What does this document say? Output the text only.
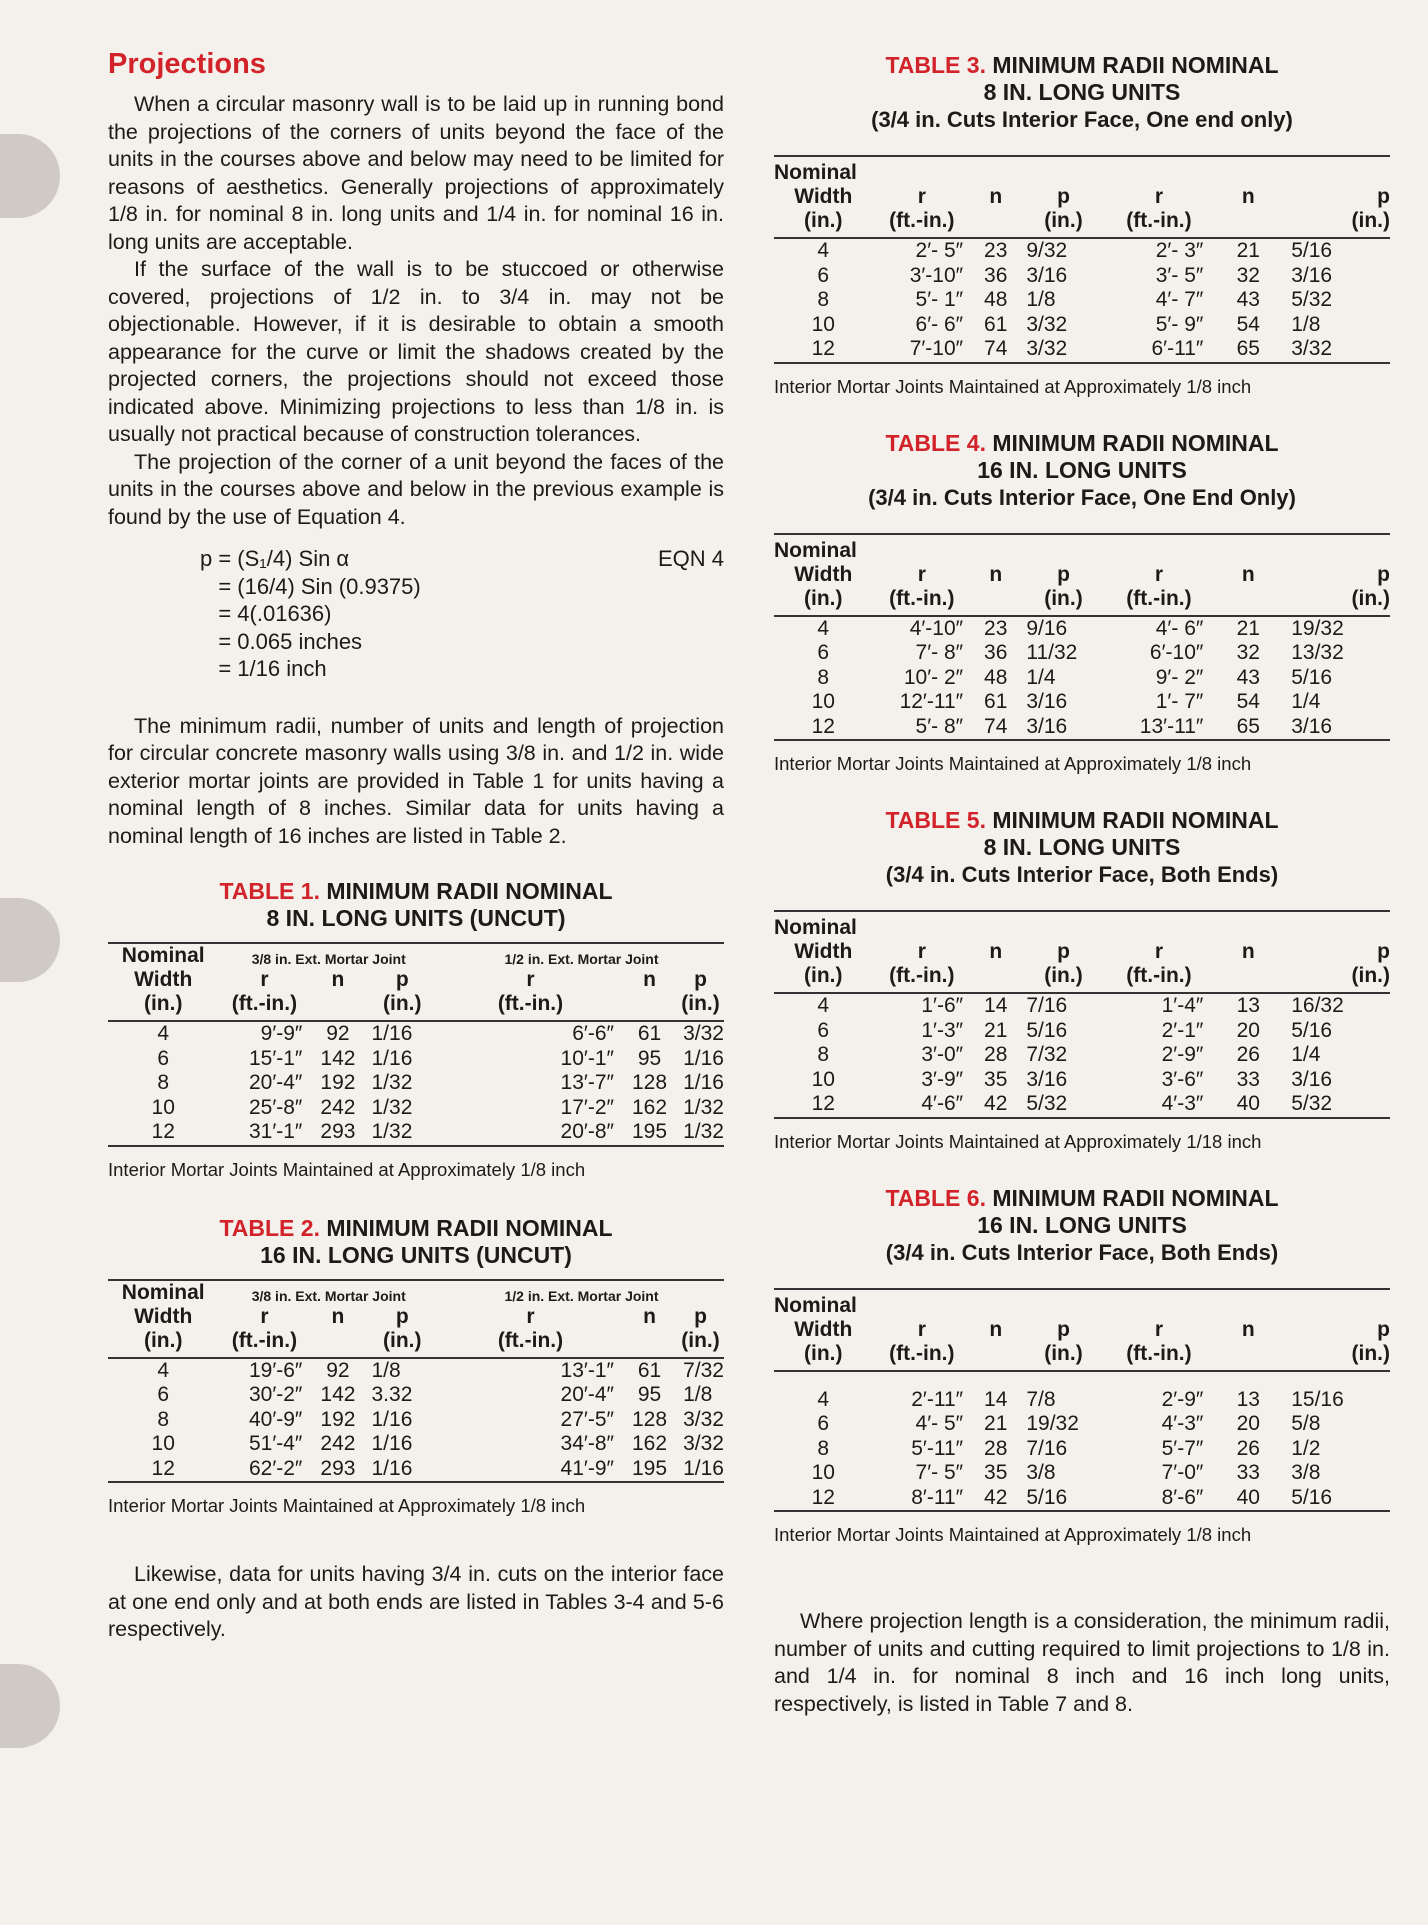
Projections

When a circular masonry wall is to be laid up in running bond the projections of the corners of units beyond the face of the units in the courses above and below may need to be limited for reasons of aesthetics. Generally projections of approximately 1/8 in. for nominal 8 in. long units and 1/4 in. for nominal 16 in. long units are acceptable.

If the surface of the wall is to be stuccoed or otherwise covered, projections of 1/2 in. to 3/4 in. may not be objectionable. However, if it is desirable to obtain a smooth appearance for the curve or limit the shadows created by the projected corners, the projections should not exceed those indicated above. Minimizing projections to less than 1/8 in. is usually not practical because of construction tolerances.

The projection of the corner of a unit beyond the faces of the units in the courses above and below in the previous example is found by the use of Equation 4.

EQN 4
p = (S₁/4) Sin α
= (16/4) Sin (0.9375)
= 4(.01636)
= 0.065 inches
= 1/16 inch

The minimum radii, number of units and length of projection for circular concrete masonry walls using 3/8 in. and 1/2 in. wide exterior mortar joints are provided in Table 1 for units having a nominal length of 8 inches. Similar data for units having a nominal length of 16 inches are listed in Table 2.

TABLE 1. MINIMUM RADII NOMINAL
8 IN. LONG UNITS (UNCUT)
Nominal	3/8 in. Ext. Mortar Joint			1/2 in. Ext. Mortar Joint		
Width	r	n	p	r	n	p
(in.)	(ft.-in.)		(in.)	(ft.-in.)		(in.)
4	9′-9″	92	1/16	6′-6″	61	3/32
6	15′-1″	142	1/16	10′-1″	95	1/16
8	20′-4″	192	1/32	13′-7″	128	1/16
10	25′-8″	242	1/32	17′-2″	162	1/32
12	31′-1″	293	1/32	20′-8″	195	1/32

Interior Mortar Joints Maintained at Approximately 1/8 inch

TABLE 2. MINIMUM RADII NOMINAL
16 IN. LONG UNITS (UNCUT)
Nominal	3/8 in. Ext. Mortar Joint			1/2 in. Ext. Mortar Joint		
Width	r	n	p	r	n	p
(in.)	(ft.-in.)		(in.)	(ft.-in.)		(in.)
4	19′-6″	92	1/8	13′-1″	61	7/32
6	30′-2″	142	3.32	20′-4″	95	1/8
8	40′-9″	192	1/16	27′-5″	128	3/32
10	51′-4″	242	1/16	34′-8″	162	3/32
12	62′-2″	293	1/16	41′-9″	195	1/16

Interior Mortar Joints Maintained at Approximately 1/8 inch

Likewise, data for units having 3/4 in. cuts on the interior face at one end only and at both ends are listed in Tables 3-4 and 5-6 respectively.

TABLE 3. MINIMUM RADII NOMINAL
8 IN. LONG UNITS
(3/4 in. Cuts Interior Face, One end only)
Nominal						
Width	r	n	p	r	n	p
(in.)	(ft.-in.)		(in.)	(ft.-in.)		(in.)
4	2′- 5″	23	9/32	2′- 3″	21	5/16
6	3′-10″	36	3/16	3′- 5″	32	3/16
8	5′- 1″	48	1/8	4′- 7″	43	5/32
10	6′- 6″	61	3/32	5′- 9″	54	1/8
12	7′-10″	74	3/32	6′-11″	65	3/32

Interior Mortar Joints Maintained at Approximately 1/8 inch

TABLE 4. MINIMUM RADII NOMINAL
16 IN. LONG UNITS
(3/4 in. Cuts Interior Face, One End Only)
Nominal						
Width	r	n	p	r	n	p
(in.)	(ft.-in.)		(in.)	(ft.-in.)		(in.)
4	4′-10″	23	9/16	4′- 6″	21	19/32
6	7′- 8″	36	11/32	6′-10″	32	13/32
8	10′- 2″	48	1/4	9′- 2″	43	5/16
10	12′-11″	61	3/16	1′- 7″	54	1/4
12	5′- 8″	74	3/16	13′-11″	65	3/16

Interior Mortar Joints Maintained at Approximately 1/8 inch

TABLE 5. MINIMUM RADII NOMINAL
8 IN. LONG UNITS
(3/4 in. Cuts Interior Face, Both Ends)
Nominal						
Width	r	n	p	r	n	p
(in.)	(ft.-in.)		(in.)	(ft.-in.)		(in.)
4	1′-6″	14	7/16	1′-4″	13	16/32
6	1′-3″	21	5/16	2′-1″	20	5/16
8	3′-0″	28	7/32	2′-9″	26	1/4
10	3′-9″	35	3/16	3′-6″	33	3/16
12	4′-6″	42	5/32	4′-3″	40	5/32

Interior Mortar Joints Maintained at Approximately 1/18 inch

TABLE 6. MINIMUM RADII NOMINAL
16 IN. LONG UNITS
(3/4 in. Cuts Interior Face, Both Ends)
Nominal						
Width	r	n	p	r	n	p
(in.)	(ft.-in.)		(in.)	(ft.-in.)		(in.)

4	2′-11″	14	7/8	2′-9″	13	15/16
6	4′- 5″	21	19/32	4′-3″	20	5/8
8	5′-11″	28	7/16	5′-7″	26	1/2
10	7′- 5″	35	3/8	7′-0″	33	3/8
12	8′-11″	42	5/16	8′-6″	40	5/16

Interior Mortar Joints Maintained at Approximately 1/8 inch

Where projection length is a consideration, the minimum radii, number of units and cutting required to limit projections to 1/8 in. and 1/4 in. for nominal 8 inch and 16 inch long units, respectively, is listed in Table 7 and 8.
